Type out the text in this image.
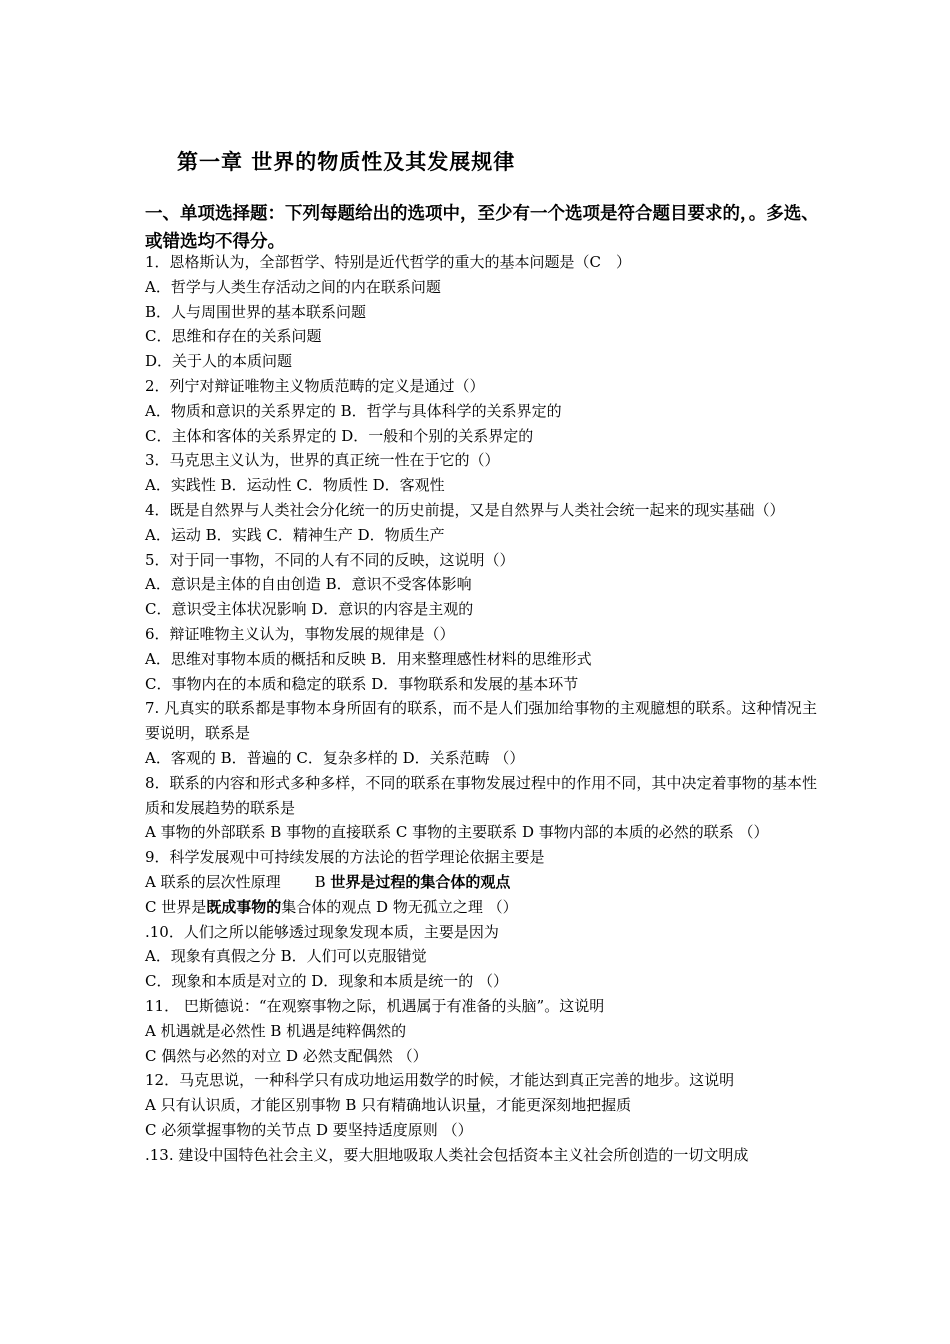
第一章 世界的物质性及其发展规律
一、单项选择题：下列每题给出的选项中，至少有一个选项是符合题目要求的，。多选、或错选均不得分。
1．恩格斯认为，全部哲学、特别是近代哲学的重大的基本问题是（C　）
A．哲学与人类生存活动之间的内在联系问题
B．人与周围世界的基本联系问题
C．思维和存在的关系问题
D．关于人的本质问题
2．列宁对辩证唯物主义物质范畴的定义是通过（）
A．物质和意识的关系界定的 B．哲学与具体科学的关系界定的
C．主体和客体的关系界定的 D．一般和个别的关系界定的
3．马克思主义认为，世界的真正统一性在于它的（）
A．实践性 B．运动性 C．物质性 D．客观性
4．既是自然界与人类社会分化统一的历史前提，又是自然界与人类社会统一起来的现实基础（）
A．运动 B．实践 C．精神生产 D．物质生产
5．对于同一事物，不同的人有不同的反映，这说明（）
A．意识是主体的自由创造 B．意识不受客体影响
C．意识受主体状况影响 D．意识的内容是主观的
6．辩证唯物主义认为，事物发展的规律是（）
A．思维对事物本质的概括和反映 B．用来整理感性材料的思维形式
C．事物内在的本质和稳定的联系 D．事物联系和发展的基本环节
7. 凡真实的联系都是事物本身所固有的联系，而不是人们强加给事物的主观臆想的联系。这种情况主要说明，联系是
A．客观的 B．普遍的 C．复杂多样的 D．关系范畴 （）
8．联系的内容和形式多种多样，不同的联系在事物发展过程中的作用不同，其中决定着事物的基本性质和发展趋势的联系是
A 事物的外部联系 B 事物的直接联系 C 事物的主要联系 D 事物内部的本质的必然的联系 （）
9．科学发展观中可持续发展的方法论的哲学理论依据主要是
A 联系的层次性原理 B 世界是过程的集合体的观点
C 世界是既成事物的集合体的观点 D 物无孤立之理 （）
.10．人们之所以能够透过现象发现本质，主要是因为
A．现象有真假之分 B．人们可以克服错觉
C．现象和本质是对立的 D．现象和本质是统一的 （）
11． 巴斯德说：“在观察事物之际，机遇属于有准备的头脑”。这说明
A 机遇就是必然性 B 机遇是纯粹偶然的
C 偶然与必然的对立 D 必然支配偶然 （）
12．马克思说，一种科学只有成功地运用数学的时候，才能达到真正完善的地步。这说明
A 只有认识质，才能区别事物 B 只有精确地认识量，才能更深刻地把握质
C 必须掌握事物的关节点 D 要坚持适度原则 （）
.13. 建设中国特色社会主义，要大胆地吸取人类社会包括资本主义社会所创造的一切文明成
